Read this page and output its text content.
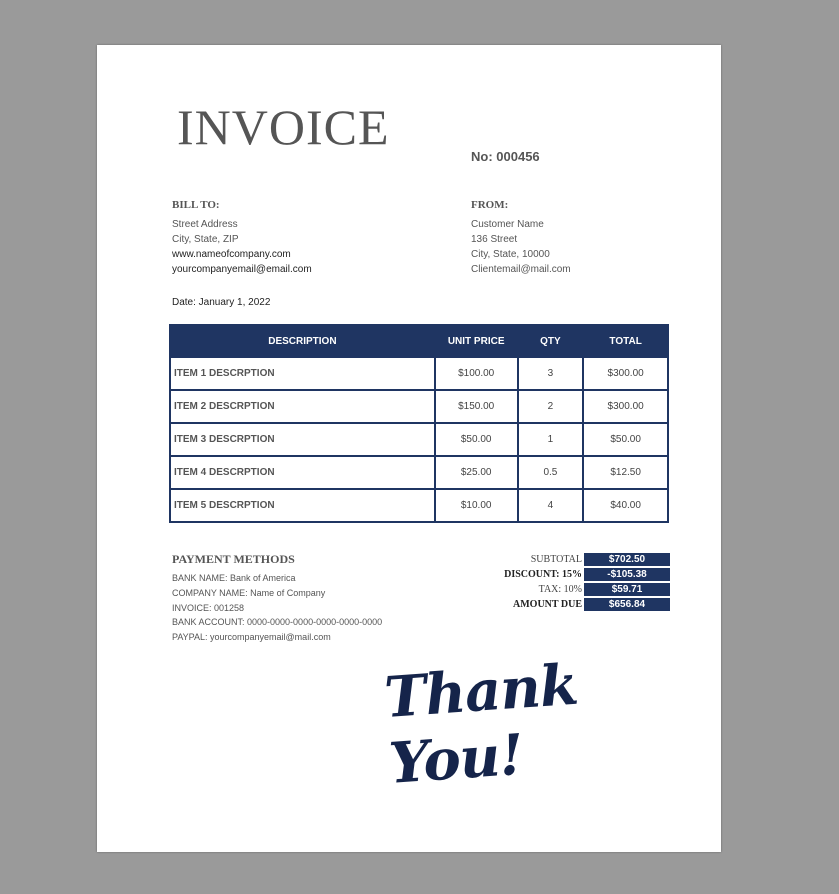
INVOICE
No: 000456
BILL TO:
Street Address
City, State, ZIP
www.nameofcompany.com
yourcompanyemail@email.com
FROM:
Customer Name
136 Street
City, State, 10000
Clientemail@mail.com
Date: January 1, 2022
DESCRIPTION	UNIT PRICE	QTY	TOTAL
ITEM 1 DESCRPTION	$100.00	3	$300.00
ITEM 2 DESCRPTION	$150.00	2	$300.00
ITEM 3 DESCRPTION	$50.00	1	$50.00
ITEM 4 DESCRPTION	$25.00	0.5	$12.50
ITEM 5 DESCRPTION	$10.00	4	$40.00
PAYMENT METHODS
BANK NAME: Bank of America
COMPANY NAME: Name of Company
INVOICE: 001258
BANK ACCOUNT: 0000-0000-0000-0000-0000-0000
PAYPAL: yourcompanyemail@mail.com
SUBTOTAL	$702.50
DISCOUNT: 15%	-$105.38
TAX: 10%	$59.71
AMOUNT DUE	$656.84
Thank You!
